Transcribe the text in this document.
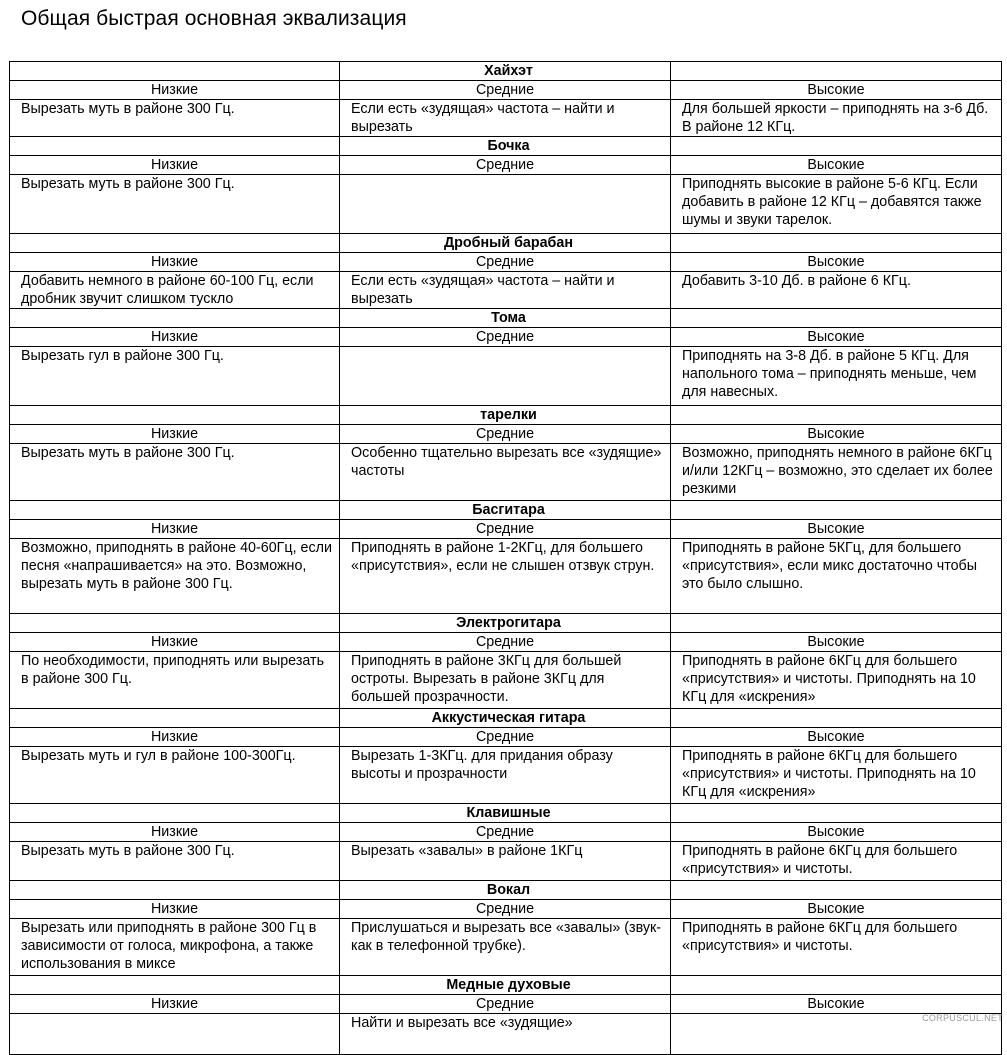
Общая быстрая основная эквализация
	Хайхэт	
Низкие	Средние	Высокие
Вырезать муть в районе 300 Гц.	Если есть «зудящая» частота – найти и вырезать	Для большей яркости – приподнять на з-6 Дб. В районе 12 КГц.
	Бочка	
Низкие	Средние	Высокие
Вырезать муть в районе 300 Гц.		Приподнять высокие в районе 5-6 КГц. Если добавить в районе 12 КГц – добавятся также шумы и звуки тарелок.
	Дробный барабан	
Низкие	Средние	Высокие
Добавить немного в районе 60-100 Гц, если дробник звучит слишком тускло	Если есть «зудящая» частота – найти и вырезать	Добавить 3-10 Дб. в районе 6 КГц.
	Тома	
Низкие	Средние	Высокие
Вырезать гул в районе 300 Гц.		Приподнять на 3-8 Дб. в районе 5 КГц. Для напольного тома – приподнять меньше, чем для навесных.
	тарелки	
Низкие	Средние	Высокие
Вырезать муть в районе 300 Гц.	Особенно тщательно вырезать все «зудящие» частоты	Возможно, приподнять немного в районе 6КГц и/или 12КГц – возможно, это сделает их более резкими
	Басгитара	
Низкие	Средние	Высокие
Возможно, приподнять в районе 40-60Гц, если песня «напрашивается» на это. Возможно, вырезать муть в районе 300 Гц.	Приподнять в районе 1-2КГц, для большего «присутствия», если не слышен отзвук струн.	Приподнять в районе 5КГц, для большего «присутствия», если микс достаточно чтобы это было слышно.
	Электрогитара	
Низкие	Средние	Высокие
По необходимости, приподнять или вырезать в районе 300 Гц.	Приподнять в районе 3КГц для большей остроты. Вырезать в районе 3КГц для большей прозрачности.	Приподнять в районе 6КГц для большего «присутствия» и чистоты. Приподнять на 10 КГц для «искрения»
	Аккустическая гитара	
Низкие	Средние	Высокие
Вырезать муть и гул в районе 100-300Гц.	Вырезать 1-3КГц. для придания образу высоты и прозрачности	Приподнять в районе 6КГц для большего «присутствия» и чистоты. Приподнять на 10 КГц для «искрения»
	Клавишные	
Низкие	Средние	Высокие
Вырезать муть в районе 300 Гц.	Вырезать «завалы» в районе 1КГц	Приподнять в районе 6КГц для большего «присутствия» и чистоты.
	Вокал	
Низкие	Средние	Высокие
Вырезать или приподнять в районе 300 Гц в зависимости от голоса, микрофона, а также использования в миксе	Прислушаться и вырезать все «завалы» (звук- как в телефонной трубке).	Приподнять в районе 6КГц для большего «присутствия» и чистоты.
	Медные духовые	
Низкие	Средние	Высокие
	Найти и вырезать все «зудящие»		CORPUSCUL.NET
